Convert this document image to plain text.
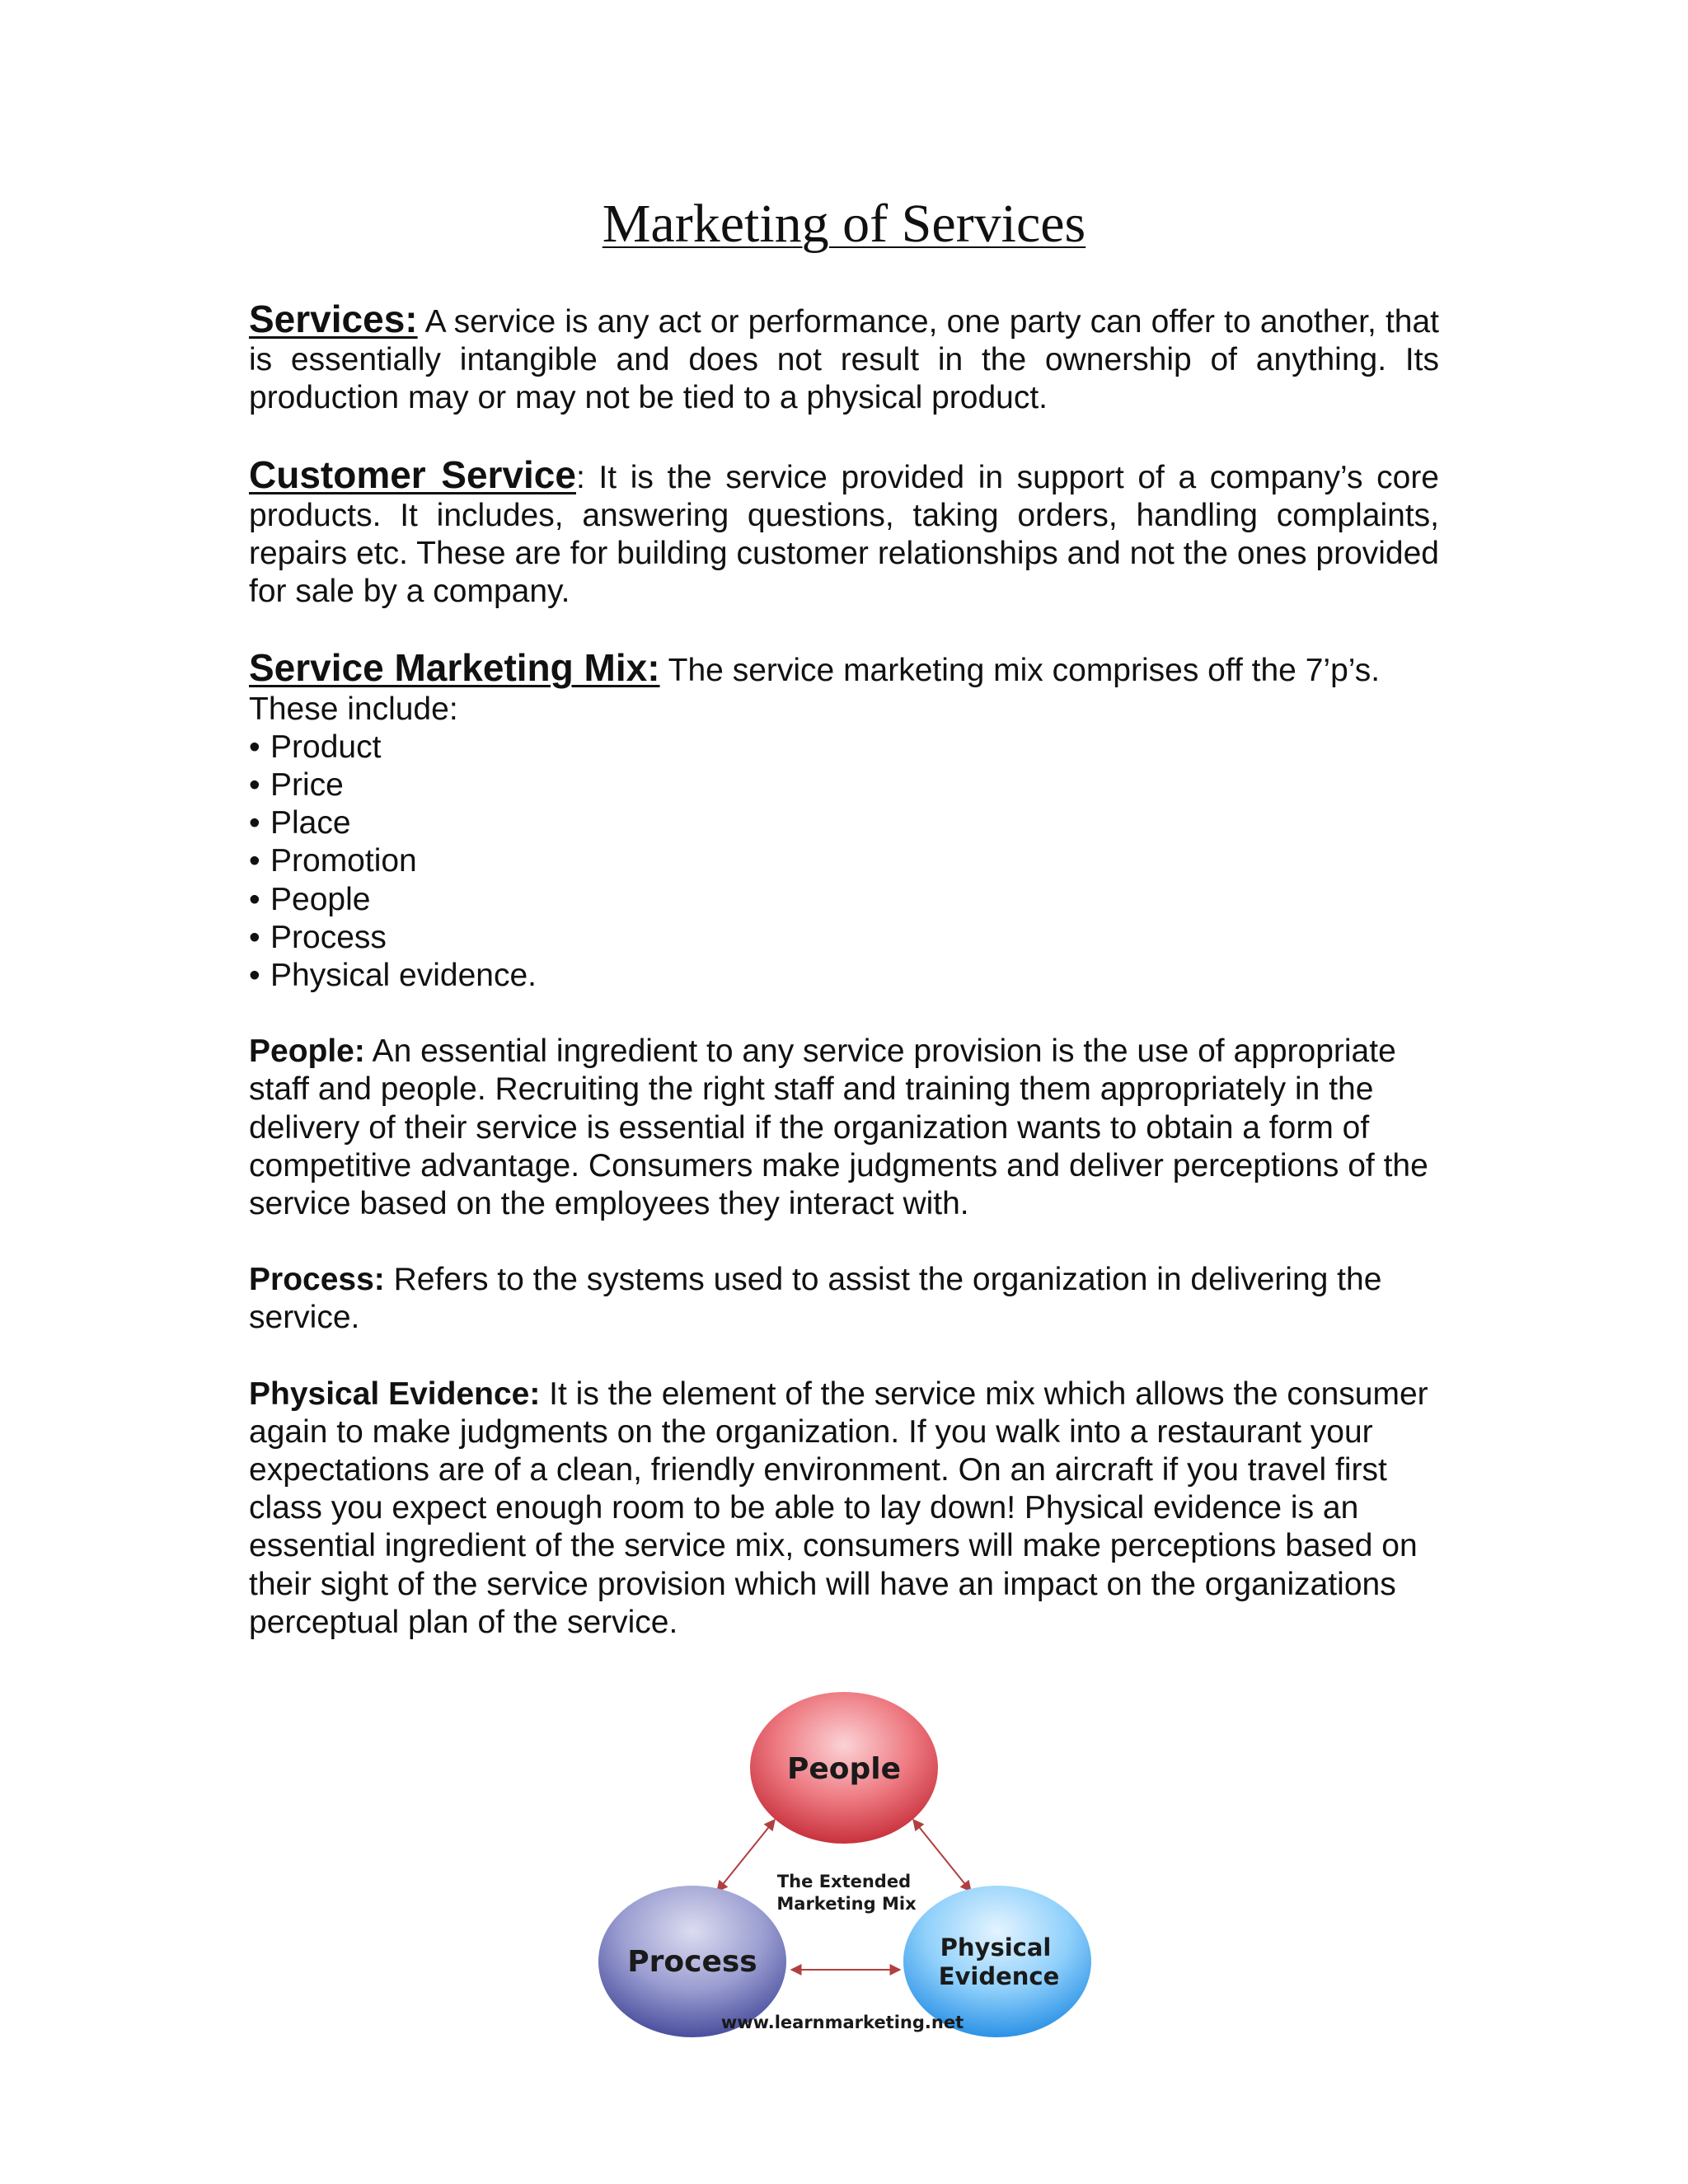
Marketing of Services

Services: A service is any act or performance, one party can offer to another, that is essentially intangible and does not result in the ownership of anything. Its production may or may not be tied to a physical product.

Customer Service: It is the service provided in support of a company’s core products. It includes, answering questions, taking orders, handling complaints, repairs etc. These are for building customer relationships and not the ones provided for sale by a company.

Service Marketing Mix: The service marketing mix comprises off the 7’p’s.
These include:
• Product
• Price
• Place
• Promotion
• People
• Process
• Physical evidence.

People: An essential ingredient to any service provision is the use of appropriate staff and people. Recruiting the right staff and training them appropriately in the delivery of their service is essential if the organization wants to obtain a form of competitive advantage. Consumers make judgments and deliver perceptions of the service based on the employees they interact with.

Process: Refers to the systems used to assist the organization in delivering the service.

Physical Evidence: It is the element of the service mix which allows the consumer again to make judgments on the organization. If you walk into a restaurant your expectations are of a clean, friendly environment. On an aircraft if you travel first class you expect enough room to be able to lay down! Physical evidence is an essential ingredient of the service mix, consumers will make perceptions based on their sight of the service provision which will have an impact on the organizations perceptual plan of the service.

People
Process	Physical
Evidence
The Extended
Marketing Mix
www.learnmarketing.net
